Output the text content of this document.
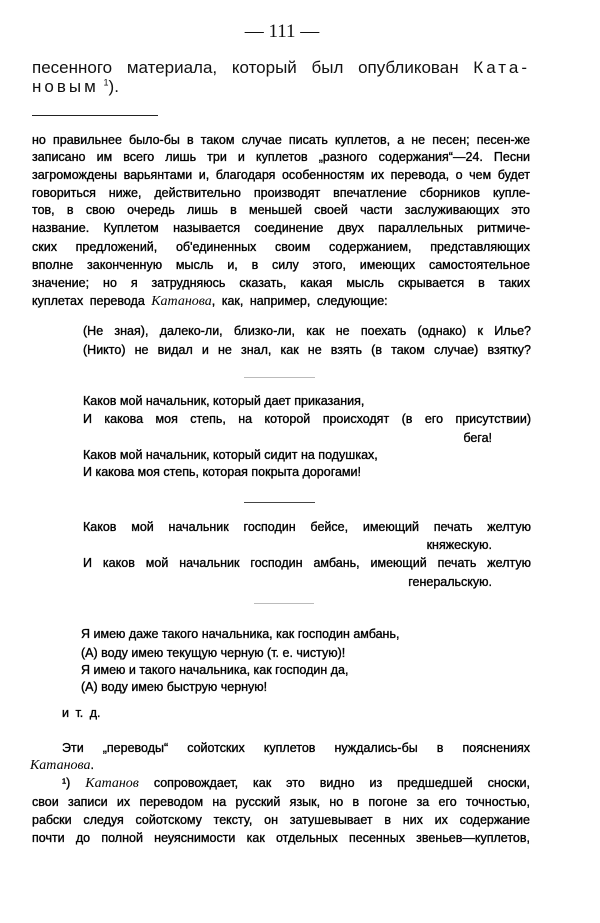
— 111 —
песенного материала, который был опубликован Ката-
новым $^1$).
но правильнее было-бы в таком случае писать куплетов, а не песен; песен-же
записано им всего лишь три и куплетов „разного содержания“—24. Песни
загромождены варьянтами и, благодаря особенностям их перевода, о чем будет
говориться ниже, действительно производят впечатление сборников купле-
тов, в свою очередь лишь в меньшей своей части заслуживающих это
название. Куплетом называется соединение двух параллельных ритмиче-
ских предложений, об'единенных своим содержанием, представляющих
вполне законченную мысль и, в силу этого, имеющих самостоятельное
значение; но я затрудняюсь сказать, какая мысль скрывается в таких
куплетах перевода Катанова, как, например, следующие:
(Не зная), далеко-ли, близко-ли, как не поехать (однако) к Илье?
(Никто) не видал и не знал, как не взять (в таком случае) взятку?
Каков мой начальник, который дает приказания,
И какова моя степь, на которой происходят (в его присутствии)
бега!
Каков мой начальник, который сидит на подушках,
И какова моя степь, которая покрыта дорогами!
Каков мой начальник господин бейсе, имеющий печать желтую
княжескую.
И каков мой начальник господин амбань, имеющий печать желтую
генеральскую.
Я имею даже такого начальника, как господин амбань,
(А) воду имею текущую черную (т. е. чистую)!
Я имею и такого начальника, как господин да,
(А) воду имею быструю черную!
и т. д.
Эти „переводы“ сойотских куплетов нуждались-бы в пояснениях
Катанова.
¹) Катанов сопровождает, как это видно из предшедшей сноски,
свои записи их переводом на русский язык, но в погоне за его точностью,
рабски следуя сойотскому тексту, он затушевывает в них их содержание
почти до полной неуяснимости как отдельных песенных звеньев—куплетов,
